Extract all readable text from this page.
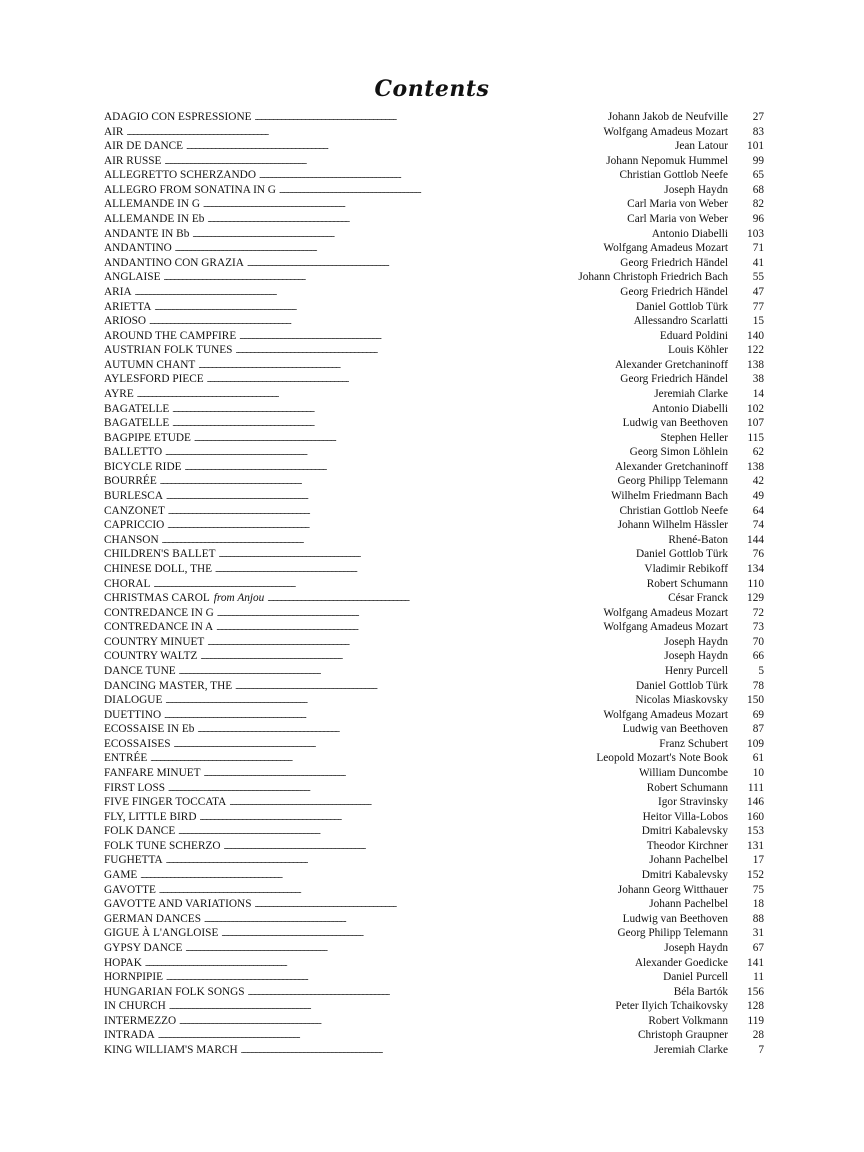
Contents
ADAGIO CON ESPRESSIONE . . .	Johann Jakob de Neufville	27
AIR . . .	Wolfgang Amadeus Mozart	83
AIR DE DANCE . . .	Jean Latour	101
AIR RUSSE . . .	Johann Nepomuk Hummel	99
ALLEGRETTO SCHERZANDO . . .	Christian Gottlob Neefe	65
ALLEGRO FROM SONATINA IN G . . .	Joseph Haydn	68
ALLEMANDE IN G . . .	Carl Maria von Weber	82
ALLEMANDE IN Eb . . .	Carl Maria von Weber	96
ANDANTE IN Bb . . .	Antonio Diabelli	103
ANDANTINO . . .	Wolfgang Amadeus Mozart	71
ANDANTINO CON GRAZIA . . .	Georg Friedrich Händel	41
ANGLAISE . . .	Johann Christoph Friedrich Bach	55
ARIA . . .	Georg Friedrich Händel	47
ARIETTA . . .	Daniel Gottlob Türk	77
ARIOSO . . .	Allessandro Scarlatti	15
AROUND THE CAMPFIRE . . .	Eduard Poldini	140
AUSTRIAN FOLK TUNES . . .	Louis Köhler	122
AUTUMN CHANT . . .	Alexander Gretchaninoff	138
AYLESFORD PIECE . . .	Georg Friedrich Händel	38
AYRE . . .	Jeremiah Clarke	14
BAGATELLE . . .	Antonio Diabelli	102
BAGATELLE . . .	Ludwig van Beethoven	107
BAGPIPE ETUDE . . .	Stephen Heller	115
BALLETTO . . .	Georg Simon Löhlein	62
BICYCLE RIDE . . .	Alexander Gretchaninoff	138
BOURRÉE . . .	Georg Philipp Telemann	42
BURLESCA . . .	Wilhelm Friedmann Bach	49
CANZONET . . .	Christian Gottlob Neefe	64
CAPRICCIO . . .	Johann Wilhelm Hässler	74
CHANSON . . .	Rhené-Baton	144
CHILDREN'S BALLET . . .	Daniel Gottlob Türk	76
CHINESE DOLL, THE . . .	Vladimir Rebikoff	134
CHORAL . . .	Robert Schumann	110
CHRISTMAS CAROL from Anjou . . .	César Franck	129
CONTREDANCE IN G . . .	Wolfgang Amadeus Mozart	72
CONTREDANCE IN A . . .	Wolfgang Amadeus Mozart	73
COUNTRY MINUET . . .	Joseph Haydn	70
COUNTRY WALTZ . . .	Joseph Haydn	66
DANCE TUNE . . .	Henry Purcell	5
DANCING MASTER, THE . . .	Daniel Gottlob Türk	78
DIALOGUE . . .	Nicolas Miaskovsky	150
DUETTINO . . .	Wolfgang Amadeus Mozart	69
ECOSSAISE IN Eb . . .	Ludwig van Beethoven	87
ECOSSAISES . . .	Franz Schubert	109
ENTRÉE . . .	Leopold Mozart's Note Book	61
FANFARE MINUET . . .	William Duncombe	10
FIRST LOSS . . .	Robert Schumann	111
FIVE FINGER TOCCATA . . .	Igor Stravinsky	146
FLY, LITTLE BIRD . . .	Heitor Villa-Lobos	160
FOLK DANCE . . .	Dmitri Kabalevsky	153
FOLK TUNE SCHERZO . . .	Theodor Kirchner	131
FUGHETTA . . .	Johann Pachelbel	17
GAME . . .	Dmitri Kabalevsky	152
GAVOTTE . . .	Johann Georg Witthauer	75
GAVOTTE AND VARIATIONS . . .	Johann Pachelbel	18
GERMAN DANCES . . .	Ludwig van Beethoven	88
GIGUE À L'ANGLOISE . . .	Georg Philipp Telemann	31
GYPSY DANCE . . .	Joseph Haydn	67
HOPAK . . .	Alexander Goedicke	141
HORNPIPIE . . .	Daniel Purcell	11
HUNGARIAN FOLK SONGS . . .	Béla Bartók	156
IN CHURCH . . .	Peter Ilyich Tchaikovsky	128
INTERMEZZO . . .	Robert Volkmann	119
INTRADA . . .	Christoph Graupner	28
KING WILLIAM'S MARCH . . .	Jeremiah Clarke	7
